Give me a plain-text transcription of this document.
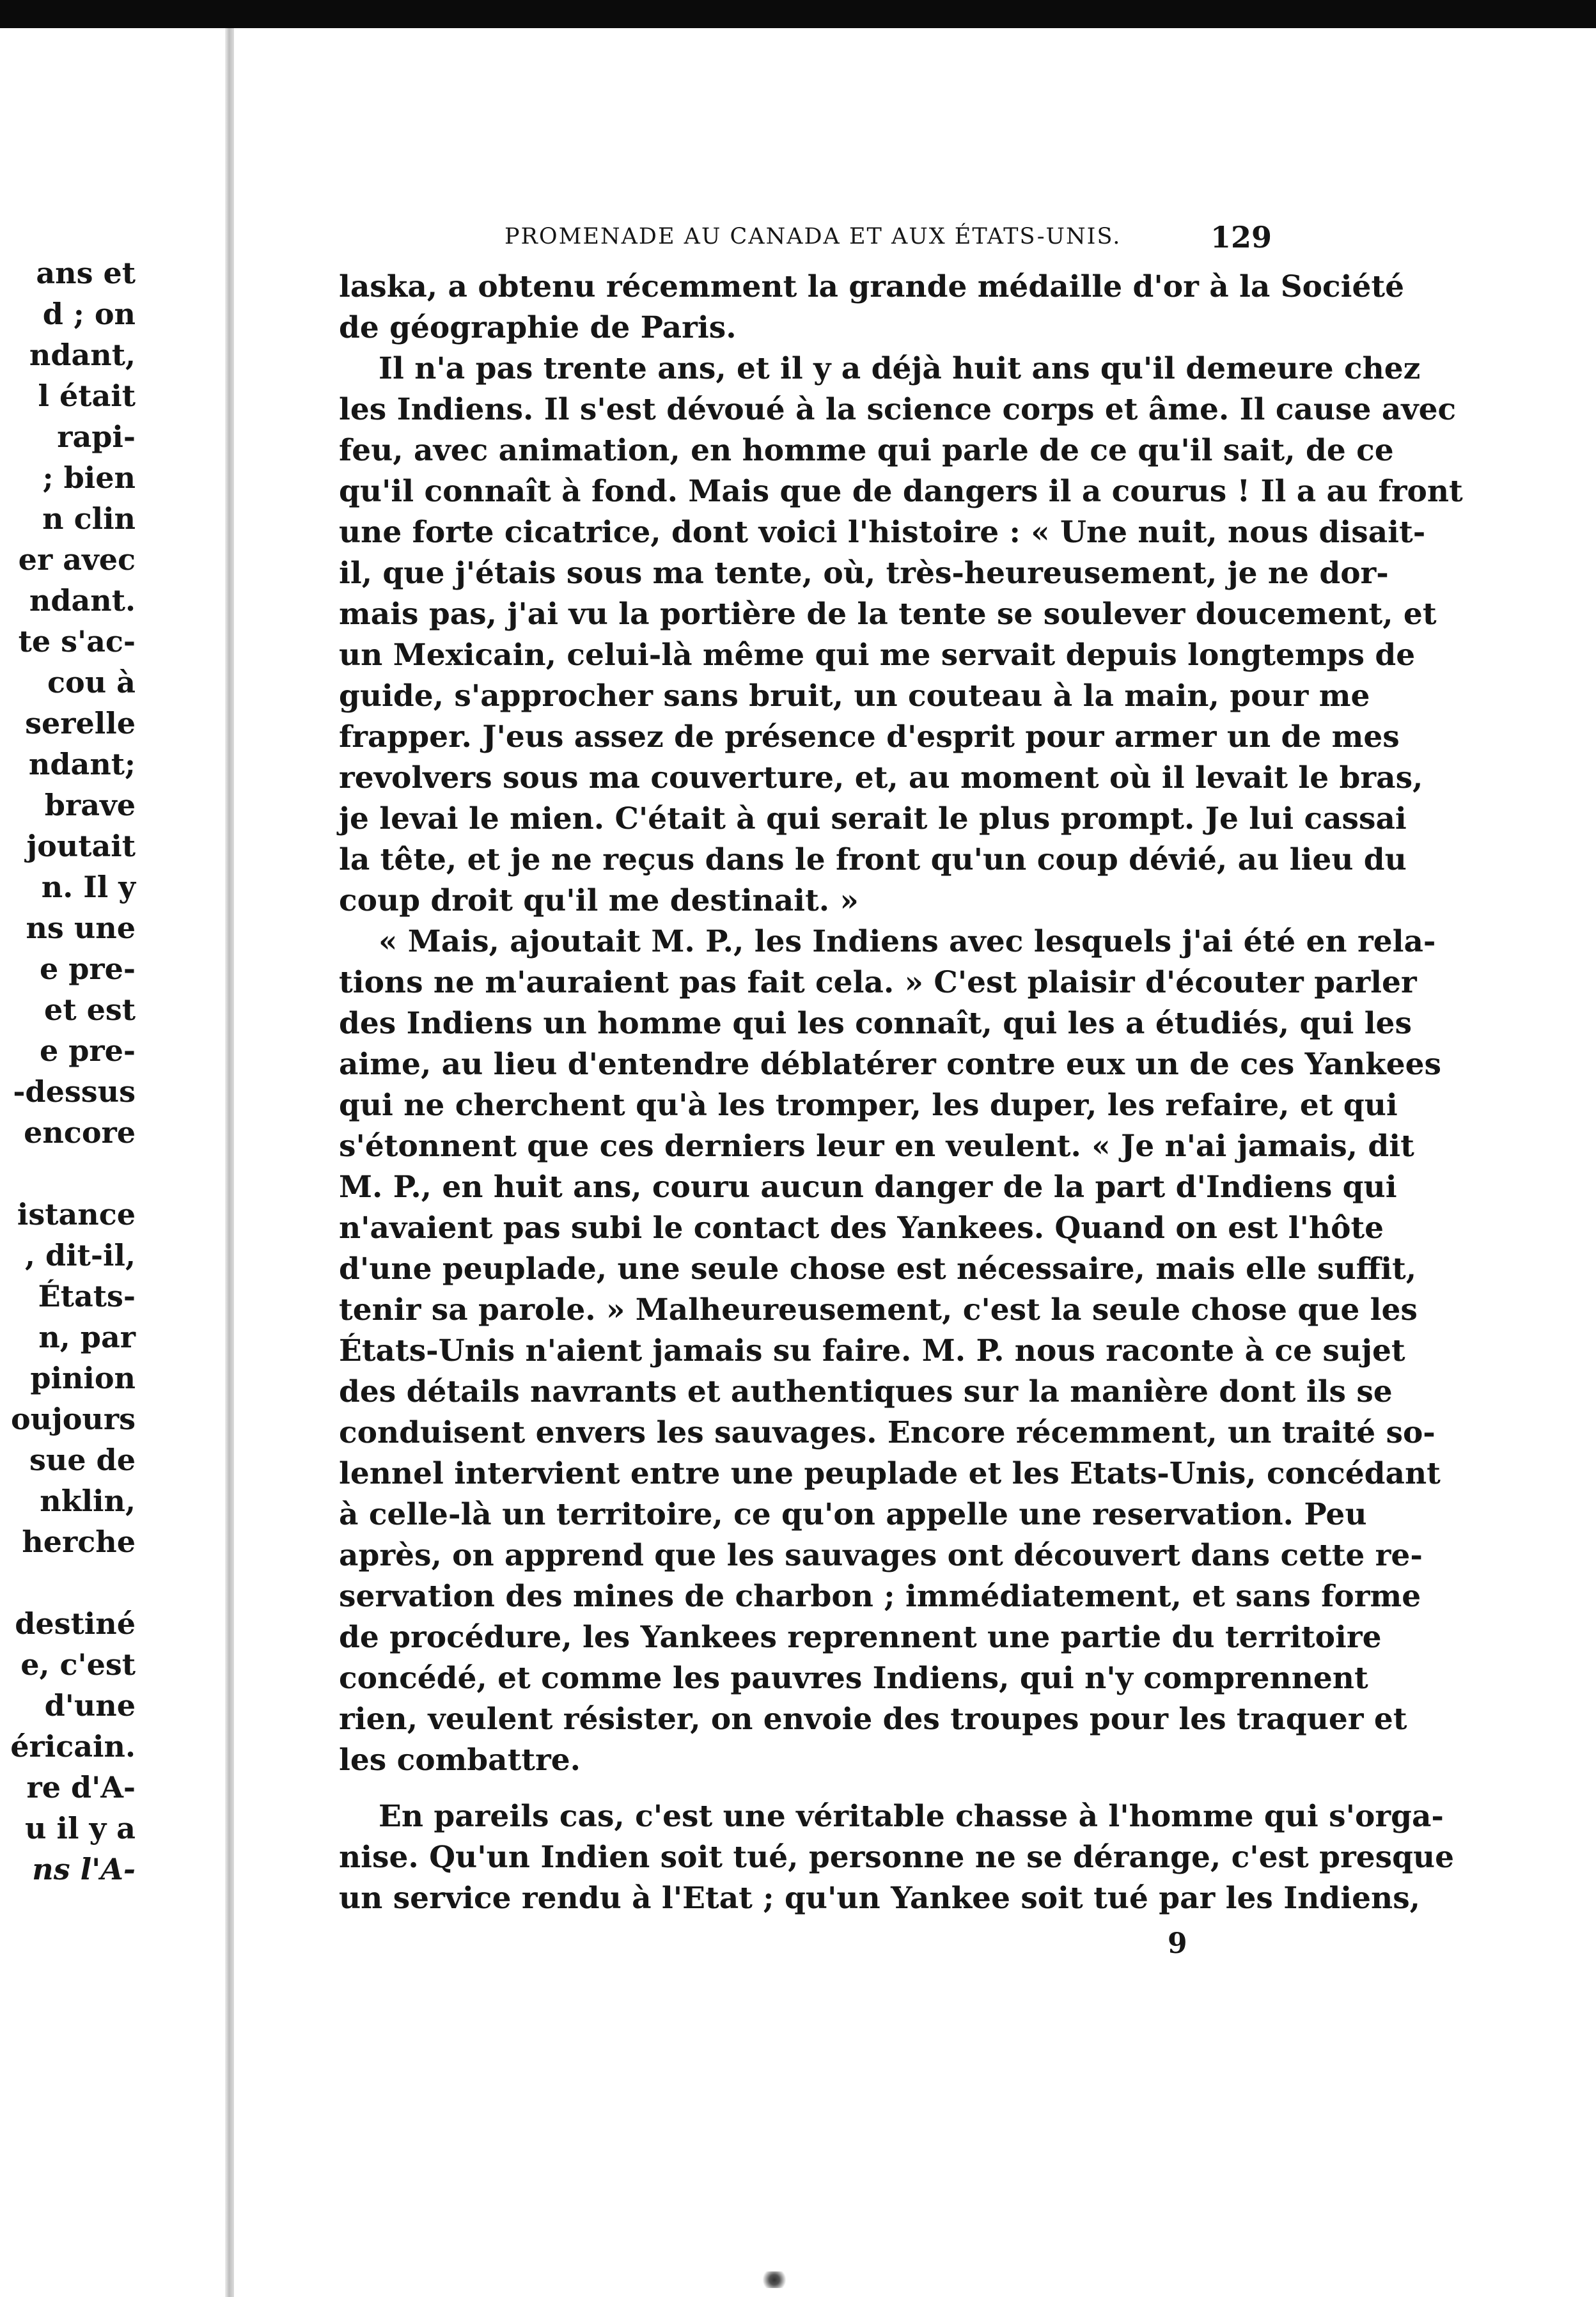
ans et
d ; on
ndant,
l était
rapi-
; bien
n clin
er avec
ndant.
te s'ac-
cou à
serelle
ndant;
brave
joutait
n. Il y
ns une
e pre-
et est
e pre-
-dessus
encore
istance
, dit-il,
États-
n, par
pinion
oujours
sue de
nklin,
herche
destiné
e, c'est
d'une
éricain.
re d'A-
u il y a
ns l'A-
PROMENADE AU CANADA ET AUX ÉTATS-UNIS.	129
laska, a obtenu récemment la grande médaille d'or à la Société
de géographie de Paris.
Il n'a pas trente ans, et il y a déjà huit ans qu'il demeure chez
les Indiens. Il s'est dévoué à la science corps et âme. Il cause avec
feu, avec animation, en homme qui parle de ce qu'il sait, de ce
qu'il connaît à fond. Mais que de dangers il a courus ! Il a au front
une forte cicatrice, dont voici l'histoire : « Une nuit, nous disait-
il, que j'étais sous ma tente, où, très-heureusement, je ne dor-
mais pas, j'ai vu la portière de la tente se soulever doucement, et
un Mexicain, celui-là même qui me servait depuis longtemps de
guide, s'approcher sans bruit, un couteau à la main, pour me
frapper. J'eus assez de présence d'esprit pour armer un de mes
revolvers sous ma couverture, et, au moment où il levait le bras,
je levai le mien. C'était à qui serait le plus prompt. Je lui cassai
la tête, et je ne reçus dans le front qu'un coup dévié, au lieu du
coup droit qu'il me destinait. »
« Mais, ajoutait M. P., les Indiens avec lesquels j'ai été en rela-
tions ne m'auraient pas fait cela. » C'est plaisir d'écouter parler
des Indiens un homme qui les connaît, qui les a étudiés, qui les
aime, au lieu d'entendre déblatérer contre eux un de ces Yankees
qui ne cherchent qu'à les tromper, les duper, les refaire, et qui
s'étonnent que ces derniers leur en veulent. « Je n'ai jamais, dit
M. P., en huit ans, couru aucun danger de la part d'Indiens qui
n'avaient pas subi le contact des Yankees. Quand on est l'hôte
d'une peuplade, une seule chose est nécessaire, mais elle suffit,
tenir sa parole. » Malheureusement, c'est la seule chose que les
États-Unis n'aient jamais su faire. M. P. nous raconte à ce sujet
des détails navrants et authentiques sur la manière dont ils se
conduisent envers les sauvages. Encore récemment, un traité so-
lennel intervient entre une peuplade et les Etats-Unis, concédant
à celle-là un territoire, ce qu'on appelle une reservation. Peu
après, on apprend que les sauvages ont découvert dans cette re-
servation des mines de charbon ; immédiatement, et sans forme
de procédure, les Yankees reprennent une partie du territoire
concédé, et comme les pauvres Indiens, qui n'y comprennent
rien, veulent résister, on envoie des troupes pour les traquer et
les combattre.
En pareils cas, c'est une véritable chasse à l'homme qui s'orga-
nise. Qu'un Indien soit tué, personne ne se dérange, c'est presque
un service rendu à l'Etat ; qu'un Yankee soit tué par les Indiens,
9
